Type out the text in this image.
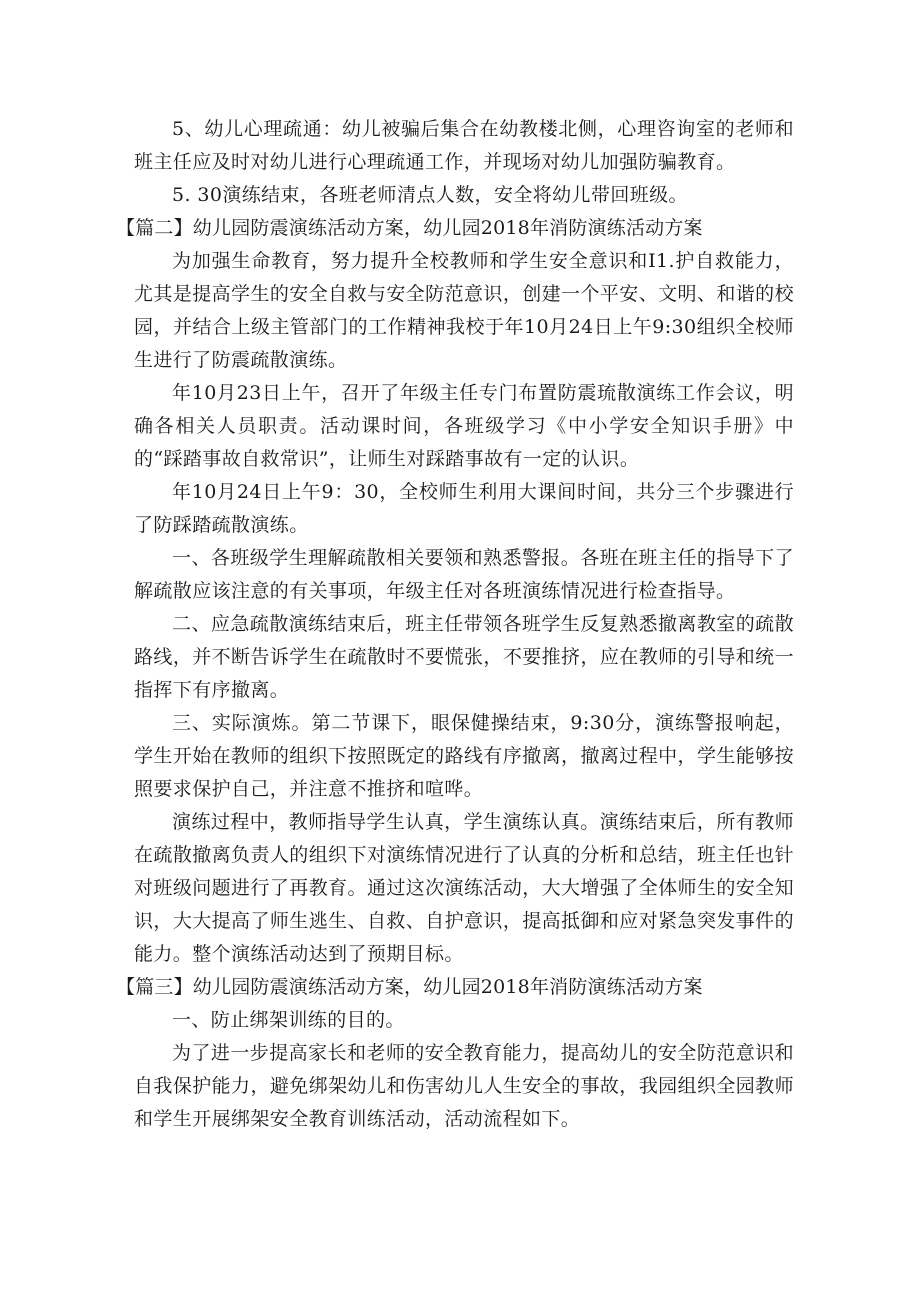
5、幼儿心理疏通：幼儿被骗后集合在幼教楼北侧，心理咨询室的老师和班主任应及时对幼儿进行心理疏通工作，并现场对幼儿加强防骗教育。

5. 30演练结束，各班老师清点人数，安全将幼儿带回班级。

【篇二】幼儿园防震演练活动方案，幼儿园2018年消防演练活动方案

为加强生命教育，努力提升全校教师和学生安全意识和I1.护自救能力，尤其是提高学生的安全自救与安全防范意识，创建一个平安、文明、和谐的校园，并结合上级主管部门的工作精神我校于年10月24日上午9:30组织全校师生进行了防震疏散演练。

年10月23日上午，召开了年级主任专门布置防震琉散演练工作会议，明确各相关人员职责。活动课时间，各班级学习《中小学安全知识手册》中的“踩踏事故自救常识”，让师生对踩踏事故有一定的认识。

年10月24日上午9：30，全校师生利用大课间时间，共分三个步骤进行了防踩踏疏散演练。

一、各班级学生理解疏散相关要领和熟悉警报。各班在班主任的指导下了解疏散应该注意的有关事项，年级主任对各班演练情况进行检查指导。

二、应急疏散演练结束后，班主任带领各班学生反复熟悉撤离教室的疏散路线，并不断告诉学生在疏散时不要慌张，不要推挤，应在教师的引导和统一指挥下有序撤离。

三、实际演炼。第二节课下，眼保健操结束，9:30分，演练警报响起，学生开始在教师的组织下按照既定的路线有序撤离，撤离过程中，学生能够按照要求保护自己，并注意不推挤和喧哗。

演练过程中，教师指导学生认真，学生演练认真。演练结束后，所有教师在疏散撤离负责人的组织下对演练情况进行了认真的分析和总结，班主任也针对班级问题进行了再教育。通过这次演练活动，大大增强了全体师生的安全知识，大大提高了师生逃生、自救、自护意识，提高抵御和应对紧急突发事件的能力。整个演练活动达到了预期目标。

【篇三】幼儿园防震演练活动方案，幼儿园2018年消防演练活动方案

一、防止绑架训练的目的。

为了进一步提高家长和老师的安全教育能力，提高幼儿的安全防范意识和自我保护能力，避免绑架幼儿和伤害幼儿人生安全的事故，我园组织全园教师和学生开展绑架安全教育训练活动，活动流程如下。
